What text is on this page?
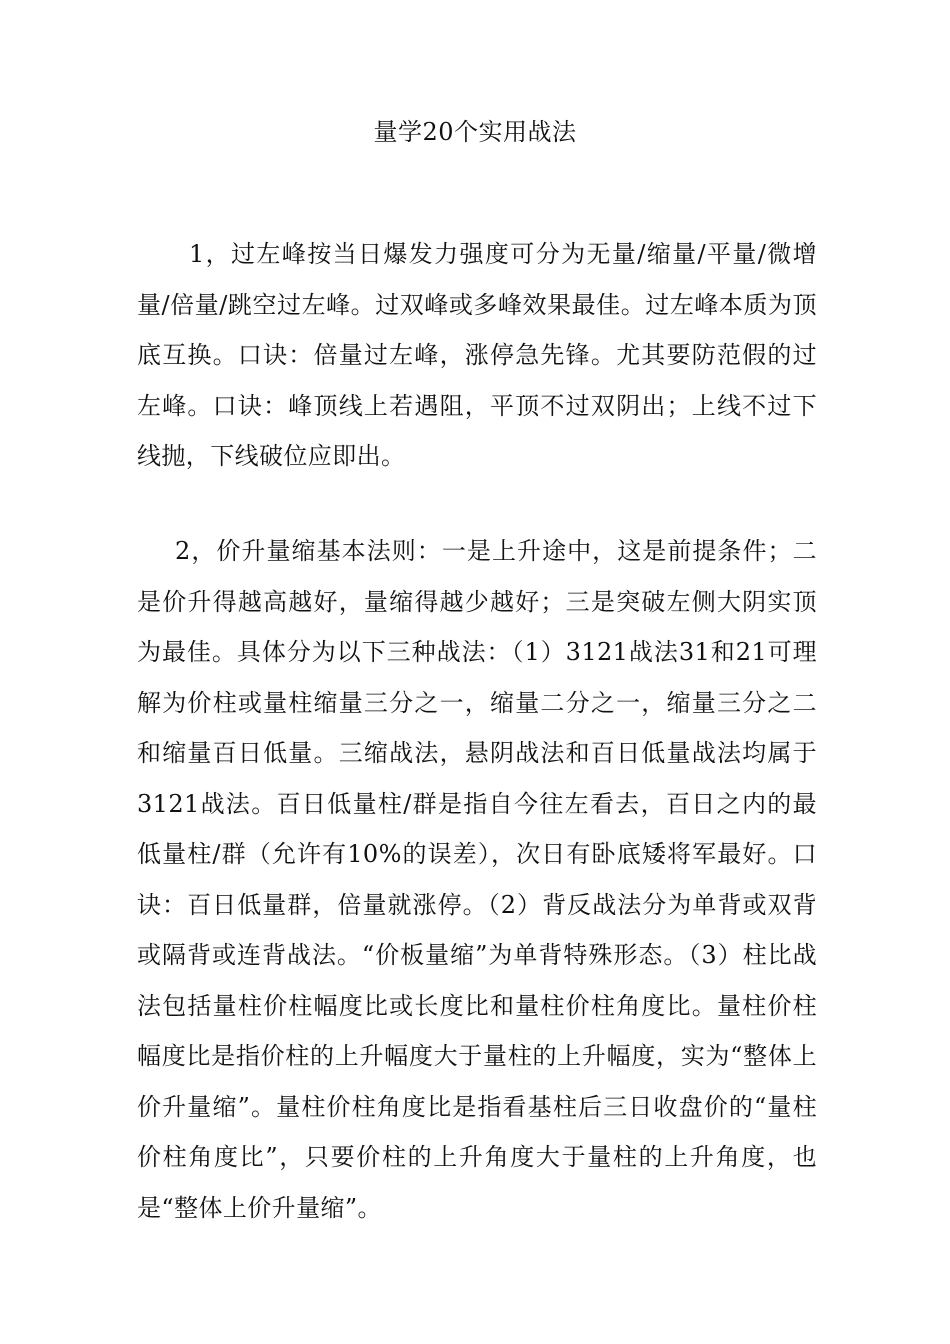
量学20个实用战法

1，过左峰按当日爆发力强度可分为无量/缩量/平量/微增量/倍量/跳空过左峰。过双峰或多峰效果最佳。过左峰本质为顶底互换。口诀：倍量过左峰，涨停急先锋。尤其要防范假的过左峰。口诀：峰顶线上若遇阻，平顶不过双阴出；上线不过下线抛，下线破位应即出。

2，价升量缩基本法则：一是上升途中，这是前提条件；二是价升得越高越好，量缩得越少越好；三是突破左侧大阴实顶为最佳。具体分为以下三种战法：（1）3121战法31和21可理解为价柱或量柱缩量三分之一，缩量二分之一，缩量三分之二和缩量百日低量。三缩战法，悬阴战法和百日低量战法均属于3121战法。百日低量柱/群是指自今往左看去，百日之内的最低量柱/群（允许有10%的误差），次日有卧底矮将军最好。口诀：百日低量群，倍量就涨停。（2）背反战法分为单背或双背或隔背或连背战法。“价板量缩”为单背特殊形态。（3）柱比战法包括量柱价柱幅度比或长度比和量柱价柱角度比。量柱价柱幅度比是指价柱的上升幅度大于量柱的上升幅度，实为“整体上价升量缩”。量柱价柱角度比是指看基柱后三日收盘价的“量柱价柱角度比”，只要价柱的上升角度大于量柱的上升角度，也是“整体上价升量缩”。
